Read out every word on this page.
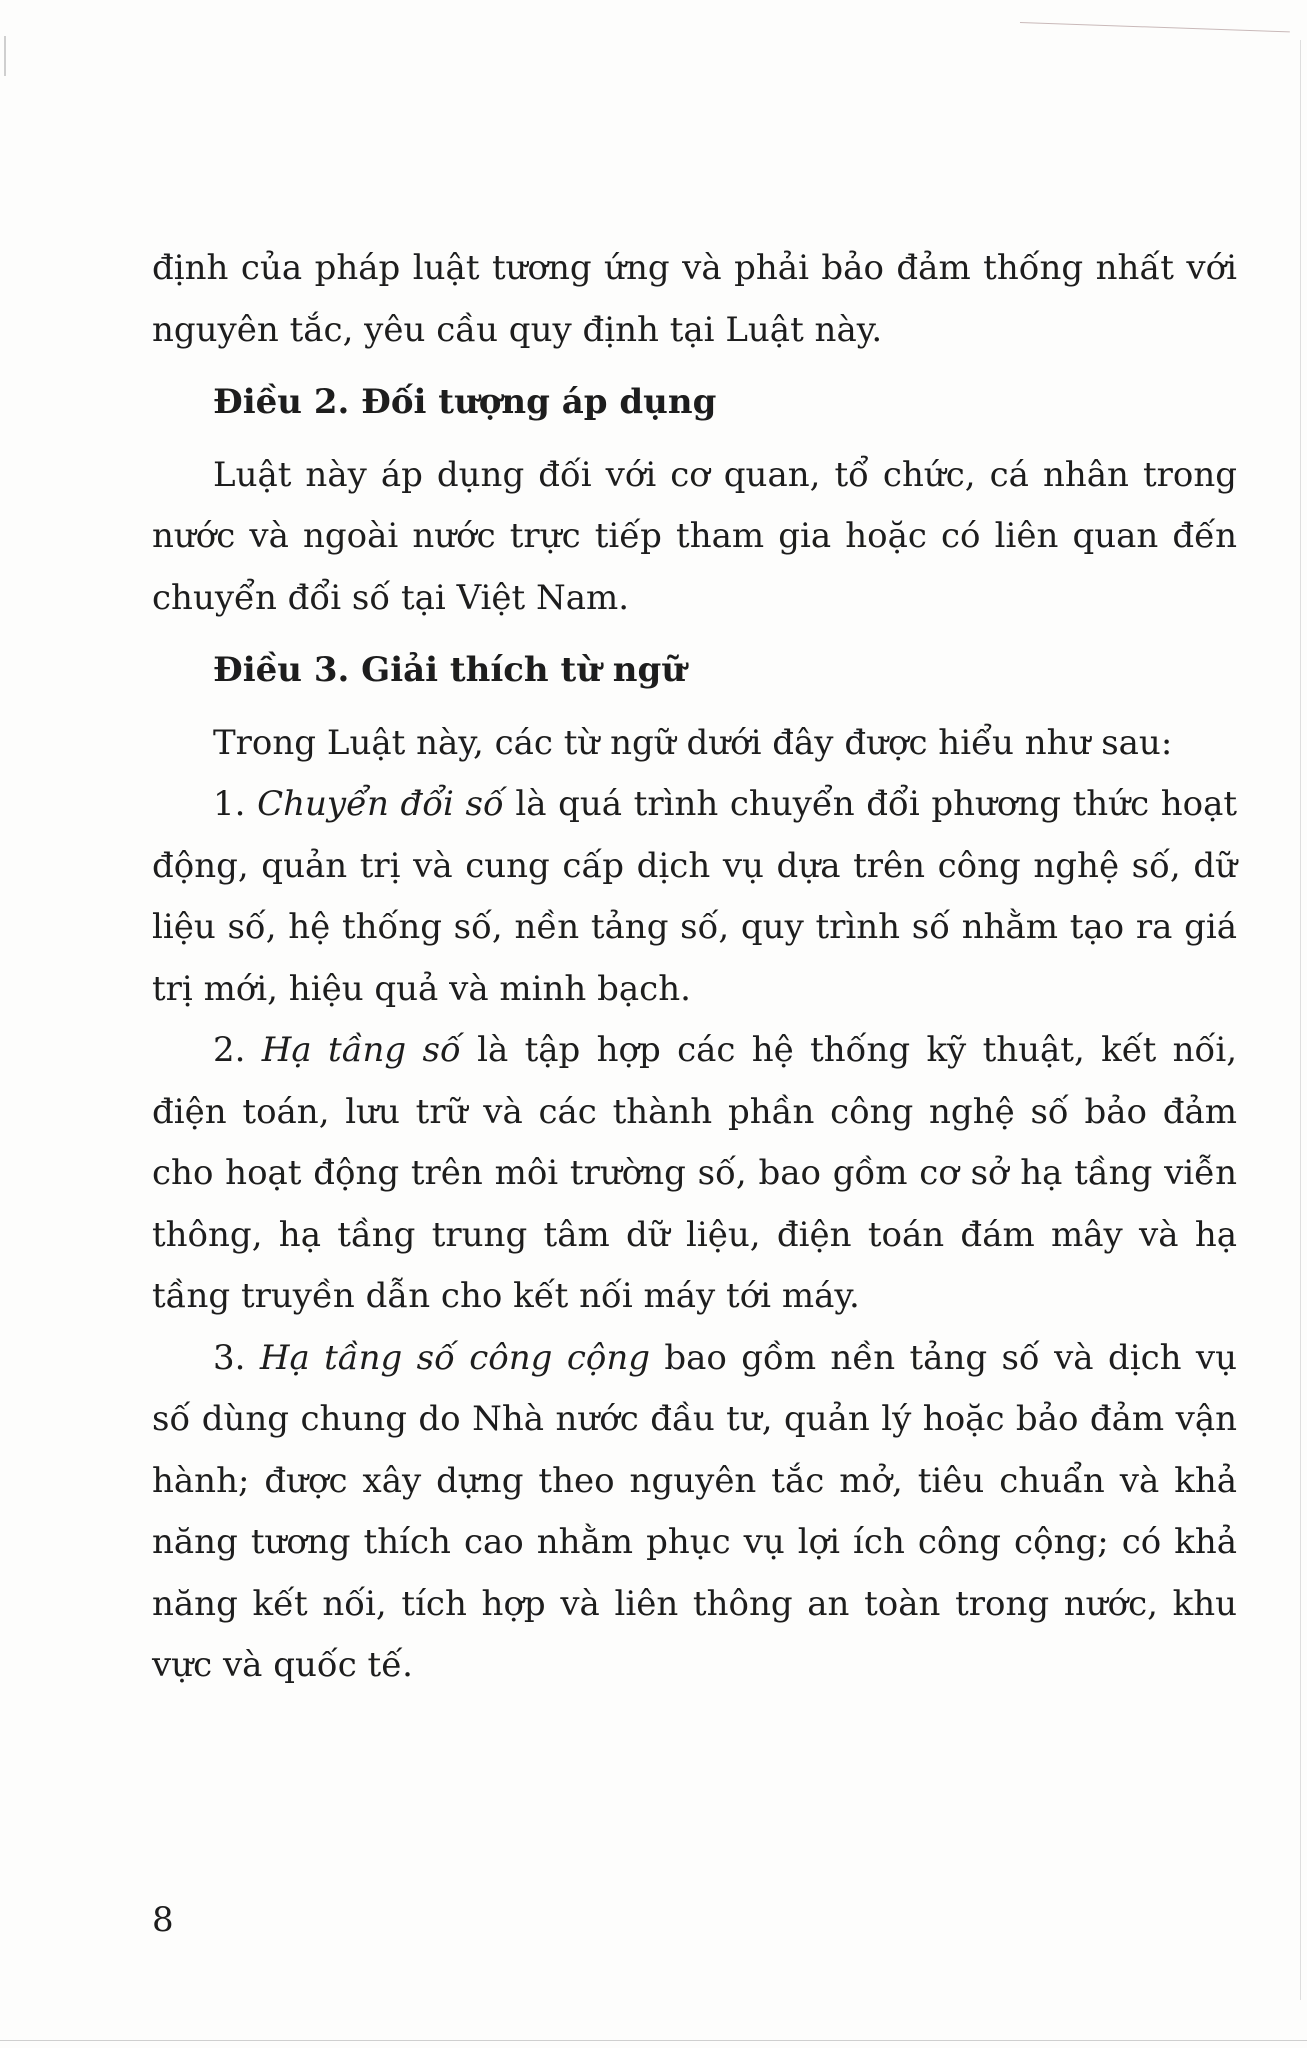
định của pháp luật tương ứng và phải bảo đảm thống nhất với nguyên tắc, yêu cầu quy định tại Luật này.

Điều 2. Đối tượng áp dụng

Luật này áp dụng đối với cơ quan, tổ chức, cá nhân trong nước và ngoài nước trực tiếp tham gia hoặc có liên quan đến chuyển đổi số tại Việt Nam.

Điều 3. Giải thích từ ngữ

Trong Luật này, các từ ngữ dưới đây được hiểu như sau:

1. Chuyển đổi số là quá trình chuyển đổi phương thức hoạt động, quản trị và cung cấp dịch vụ dựa trên công nghệ số, dữ liệu số, hệ thống số, nền tảng số, quy trình số nhằm tạo ra giá trị mới, hiệu quả và minh bạch.

2. Hạ tầng số là tập hợp các hệ thống kỹ thuật, kết nối, điện toán, lưu trữ và các thành phần công nghệ số bảo đảm cho hoạt động trên môi trường số, bao gồm cơ sở hạ tầng viễn thông, hạ tầng trung tâm dữ liệu, điện toán đám mây và hạ tầng truyền dẫn cho kết nối máy tới máy.

3. Hạ tầng số công cộng bao gồm nền tảng số và dịch vụ số dùng chung do Nhà nước đầu tư, quản lý hoặc bảo đảm vận hành; được xây dựng theo nguyên tắc mở, tiêu chuẩn và khả năng tương thích cao nhằm phục vụ lợi ích công cộng; có khả năng kết nối, tích hợp và liên thông an toàn trong nước, khu vực và quốc tế.

8
